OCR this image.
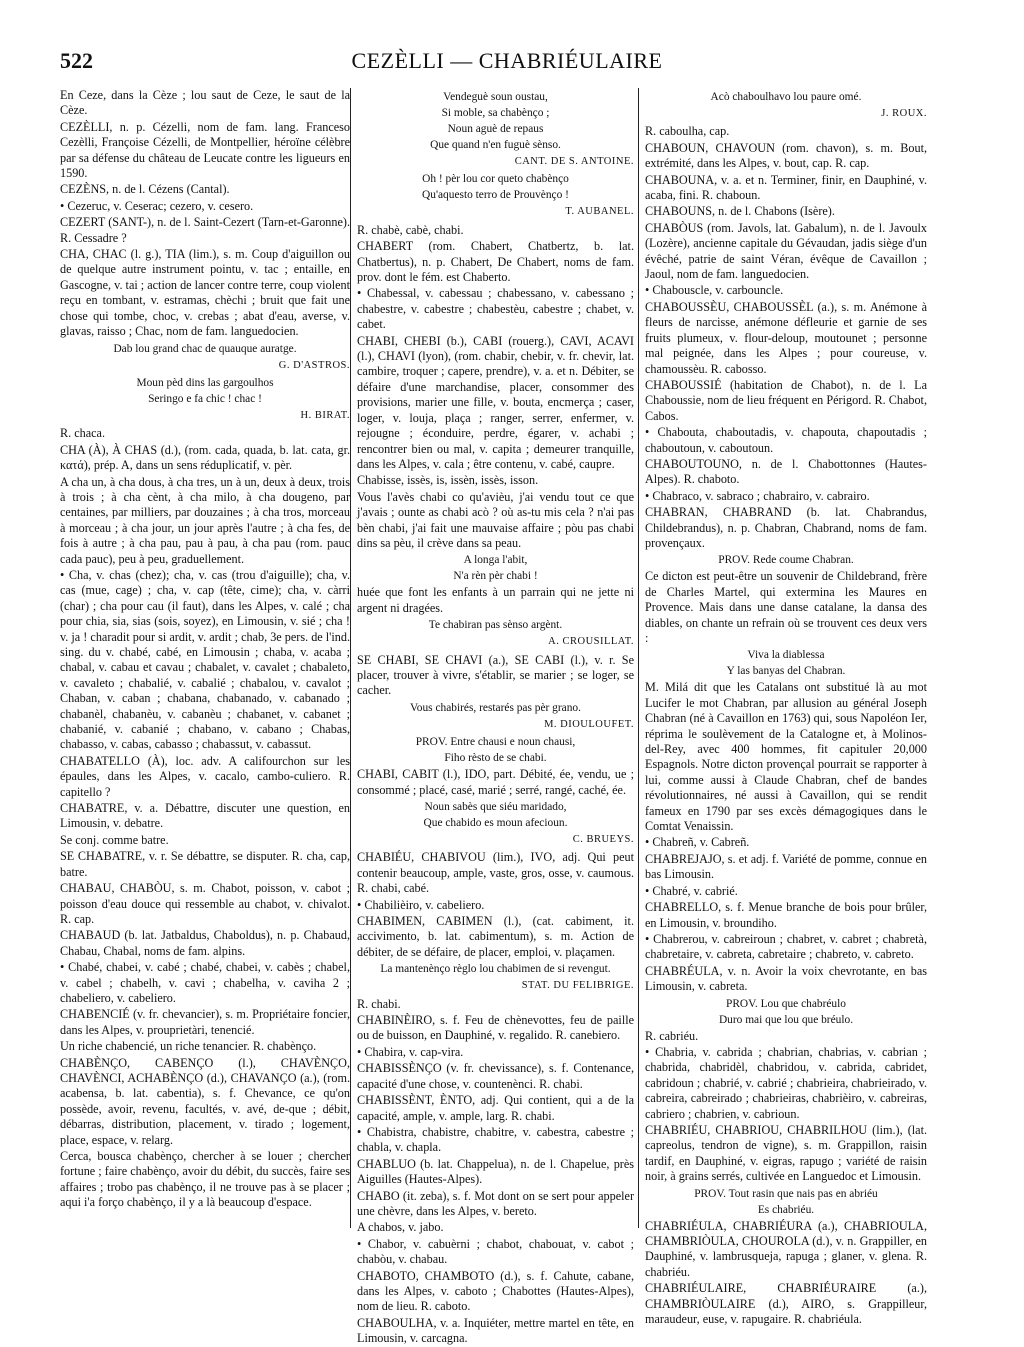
522	CEZÈLLI — CHABRIÉULAIRE

En Ceze, dans la Cèze ; lou saut de Ceze, le saut de la Cèze.

CEZÈLLI, n. p. Cézelli, nom de fam. lang. Franceso Cezèlli, Françoise Cézelli, de Montpellier, héroïne célèbre par sa défense du château de Leucate contre les ligueurs en 1590.

CEZÈNS, n. de l. Cézens (Cantal).

• Cezeruc, v. Ceserac; cezero, v. cesero.

CEZERT (SANT-), n. de l. Saint-Cezert (Tarn-et-Garonne). R. Cessadre ?

CHA, CHAC (l. g.), TIA (lim.), s. m. Coup d'aiguillon ou de quelque autre instrument pointu, v. tac ; entaille, en Gascogne, v. tai ; action de lancer contre terre, coup violent reçu en tombant, v. estramas, chèchi ; bruit que fait une chose qui tombe, choc, v. crebas ; abat d'eau, averse, v. glavas, raisso ; Chac, nom de fam. languedocien.

Dab lou grand chac de quauque auratge.

G. D'ASTROS.

Moun pèd dins las gargoulhos

Seringo e fa chic ! chac !

H. BIRAT.

R. chaca.

CHA (À), À CHAS (d.), (rom. cada, quada, b. lat. cata, gr. κατά), prép. A, dans un sens réduplicatif, v. pèr.

A cha un, à cha dous, à cha tres, un à un, deux à deux, trois à trois ; à cha cènt, à cha milo, à cha dougeno, par centaines, par milliers, par douzaines ; à cha tros, morceau à morceau ; à cha jour, un jour après l'autre ; à cha fes, de fois à autre ; à cha pau, pau à pau, à cha pau (rom. pauc cada pauc), peu à peu, graduellement.

• Cha, v. chas (chez); cha, v. cas (trou d'aiguille); cha, v. cas (mue, cage) ; cha, v. cap (tête, cime); cha, v. càrri (char) ; cha pour cau (il faut), dans les Alpes, v. calé ; cha pour chia, sia, sias (sois, soyez), en Limousin, v. sié ; cha ! v. ja ! charadit pour si ardit, v. ardit ; chab, 3e pers. de l'ind. sing. du v. chabé, cabé, en Limousin ; chaba, v. acaba ; chabal, v. cabau et cavau ; chabalet, v. cavalet ; chabaleto, v. cavaleto ; chabalié, v. cabalié ; chabalou, v. cavalot ; Chaban, v. caban ; chabana, chabanado, v. cabanado ; chabanèl, chabanèu, v. cabanèu ; chabanet, v. cabanet ; chabanié, v. cabanié ; chabano, v. cabano ; Chabas, chabasso, v. cabas, cabasso ; chabassut, v. cabassut.

CHABATELLO (À), loc. adv. A califourchon sur les épaules, dans les Alpes, v. cacalo, cambo-culiero. R. capitello ?

CHABATRE, v. a. Débattre, discuter une question, en Limousin, v. debatre.

Se conj. comme batre.

SE CHABATRE, v. r. Se débattre, se disputer. R. cha, cap, batre.

CHABAU, CHABÒU, s. m. Chabot, poisson, v. cabot ; poisson d'eau douce qui ressemble au chabot, v. chivalot. R. cap.

CHABAUD (b. lat. Jatbaldus, Chaboldus), n. p. Chabaud, Chabau, Chabal, noms de fam. alpins.

• Chabé, chabei, v. cabé ; chabé, chabei, v. cabès ; chabel, v. cabel ; chabelh, v. cavi ; chabelha, v. caviha 2 ; chabeliero, v. cabeliero.

CHABENCIÉ (v. fr. chevancier), s. m. Propriétaire foncier, dans les Alpes, v. prouprietàri, tenencié.

Un riche chabencié, un riche tenancier. R. chabènço.

CHABÈNÇO, CABENÇO (l.), CHAVÈNÇO, CHAVÈNCI, ACHABÈNÇO (d.), CHAVANÇO (a.), (rom. acabensa, b. lat. cabentia), s. f. Chevance, ce qu'on possède, avoir, revenu, facultés, v. avé, de-que ; débit, débarras, distribution, placement, v. tirado ; logement, place, espace, v. relarg.

Cerca, bousca chabènço, chercher à se louer ; chercher fortune ; faire chabènço, avoir du débit, du succès, faire ses affaires ; trobo pas chabènço, il ne trouve pas à se placer ; aqui i'a forço chabènço, il y a là beaucoup d'espace.

Vendeguè soun oustau,

Si moble, sa chabènço ;

Noun aguè de repaus

Que quand n'en fuguè sènso.

CANT. DE S. ANTOINE.

Oh ! pèr lou cor queto chabènço

Qu'aquesto terro de Prouvènço !

T. AUBANEL.

R. chabè, cabè, chabi.

CHABERT (rom. Chabert, Chatbertz, b. lat. Chatbertus), n. p. Chabert, De Chabert, noms de fam. prov. dont le fém. est Chaberto.

• Chabessal, v. cabessau ; chabessano, v. cabessano ; chabestre, v. cabestre ; chabestèu, cabestre ; chabet, v. cabet.

CHABI, CHEBI (b.), CABI (rouerg.), CAVI, ACAVI (l.), CHAVI (lyon), (rom. chabir, chebir, v. fr. chevir, lat. cambire, troquer ; capere, prendre), v. a. et n. Débiter, se défaire d'une marchandise, placer, consommer des provisions, marier une fille, v. bouta, encmerça ; caser, loger, v. louja, plaça ; ranger, serrer, enfermer, v. rejougne ; éconduire, perdre, égarer, v. achabi ; rencontrer bien ou mal, v. capita ; demeurer tranquille, dans les Alpes, v. cala ; être contenu, v. cabé, caupre.

Chabisse, issès, is, issèn, issès, isson.

Vous l'avès chabi co qu'avièu, j'ai vendu tout ce que j'avais ; ounte as chabi acò ? où as-tu mis cela ? n'ai pas bèn chabi, j'ai fait une mauvaise affaire ; pòu pas chabi dins sa pèu, il crève dans sa peau.

A longa l'abit,

N'a rèn pèr chabi !

huée que font les enfants à un parrain qui ne jette ni argent ni dragées.

Te chabiran pas sènso argènt.

A. CROUSILLAT.

SE CHABI, SE CHAVI (a.), SE CABI (l.), v. r. Se placer, trouver à vivre, s'établir, se marier ; se loger, se cacher.

Vous chabirés, restarés pas pèr grano.

M. DIOULOUFET.

PROV. Entre chausi e noun chausi,

Fiho rèsto de se chabi.

CHABI, CABIT (l.), IDO, part. Débité, ée, vendu, ue ; consommé ; placé, casé, marié ; serré, rangé, caché, ée.

Noun sabès que siéu maridado,

Que chabido es moun afecioun.

C. BRUEYS.

CHABIÉU, CHABIVOU (lim.), IVO, adj. Qui peut contenir beaucoup, ample, vaste, gros, osse, v. caumous. R. chabi, cabé.

• Chabilièiro, v. cabeliero.

CHABIMEN, CABIMEN (l.), (cat. cabiment, it. accivimento, b. lat. cabimentum), s. m. Action de débiter, de se défaire, de placer, emploi, v. plaçamen.

La mantenènço règlo lou chabimen de si revengut.

STAT. DU FELIBRIGE.

R. chabi.

CHABINÈIRO, s. f. Feu de chènevottes, feu de paille ou de buisson, en Dauphiné, v. regalido. R. canebiero.

• Chabira, v. cap-vira.

CHABISSÈNÇO (v. fr. chevissance), s. f. Contenance, capacité d'une chose, v. countenènci. R. chabi.

CHABISSÈNT, ÈNTO, adj. Qui contient, qui a de la capacité, ample, v. ample, larg. R. chabi.

• Chabistra, chabistre, chabitre, v. cabestra, cabestre ; chabla, v. chapla.

CHABLUO (b. lat. Chappelua), n. de l. Chapelue, près Aiguilles (Hautes-Alpes).

CHABO (it. zeba), s. f. Mot dont on se sert pour appeler une chèvre, dans les Alpes, v. bereto.

A chabos, v. jabo.

• Chabor, v. cabuèrni ; chabot, chabouat, v. cabot ; chabòu, v. chabau.

CHABOTO, CHAMBOTO (d.), s. f. Cahute, cabane, dans les Alpes, v. caboto ; Chabottes (Hautes-Alpes), nom de lieu. R. caboto.

CHABOULHA, v. a. Inquiéter, mettre martel en tête, en Limousin, v. carcagna.

Acò chaboulhavo lou paure omé.

J. ROUX.

R. caboulha, cap.

CHABOUN, CHAVOUN (rom. chavon), s. m. Bout, extrémité, dans les Alpes, v. bout, cap. R. cap.

CHABOUNA, v. a. et n. Terminer, finir, en Dauphiné, v. acaba, fini. R. chaboun.

CHABOUNS, n. de l. Chabons (Isère).

CHABÒUS (rom. Javols, lat. Gabalum), n. de l. Javoulx (Lozère), ancienne capitale du Gévaudan, jadis siège d'un évêché, patrie de saint Véran, évêque de Cavaillon ; Jaoul, nom de fam. languedocien.

• Chabouscle, v. carbouncle.

CHABOUSSÈU, CHABOUSSÈL (a.), s. m. Anémone à fleurs de narcisse, anémone défleurie et garnie de ses fruits plumeux, v. flour-deloup, moutounet ; personne mal peignée, dans les Alpes ; pour coureuse, v. chamoussèu. R. cabosso.

CHABOUSSIÉ (habitation de Chabot), n. de l. La Chaboussie, nom de lieu fréquent en Périgord. R. Chabot, Cabos.

• Chabouta, chaboutadis, v. chapouta, chapoutadis ; chaboutoun, v. caboutoun.

CHABOUTOUNO, n. de l. Chabottonnes (Hautes-Alpes). R. chaboto.

• Chabraco, v. sabraco ; chabrairo, v. cabrairo.

CHABRAN, CHABRAND (b. lat. Chabrandus, Childebrandus), n. p. Chabran, Chabrand, noms de fam. provençaux.

PROV. Rede coume Chabran.

Ce dicton est peut-être un souvenir de Childebrand, frère de Charles Martel, qui extermina les Maures en Provence. Mais dans une danse catalane, la dansa des diables, on chante un refrain où se trouvent ces deux vers :

Viva la diablessa

Y las banyas del Chabran.

M. Milá dit que les Catalans ont substitué là au mot Lucifer le mot Chabran, par allusion au général Joseph Chabran (né à Cavaillon en 1763) qui, sous Napoléon Ier, réprima le soulèvement de la Catalogne et, à Molinos-del-Rey, avec 400 hommes, fit capituler 20,000 Espagnols. Notre dicton provençal pourrait se rapporter à lui, comme aussi à Claude Chabran, chef de bandes révolutionnaires, né aussi à Cavaillon, qui se rendit fameux en 1790 par ses excès démagogiques dans le Comtat Venaissin.

• Chabreñ, v. Cabreñ.

CHABREJAJO, s. et adj. f. Variété de pomme, connue en bas Limousin.

• Chabré, v. cabrié.

CHABRELLO, s. f. Menue branche de bois pour brûler, en Limousin, v. broundiho.

• Chabrerou, v. cabreiroun ; chabret, v. cabret ; chabretà, chabretaire, v. cabreta, cabretaire ; chabreto, v. cabreto.

CHABRÉULA, v. n. Avoir la voix chevrotante, en bas Limousin, v. cabreta.

PROV. Lou que chabréulo

Duro mai que lou que bréulo.

R. cabriéu.

• Chabria, v. cabrida ; chabrian, chabrias, v. cabrian ; chabrida, chabridèl, chabridou, v. cabrida, cabridet, cabridoun ; chabrié, v. cabrié ; chabrieira, chabrieirado, v. cabreira, cabreirado ; chabrieiras, chabrièiro, v. cabreiras, cabriero ; chabrien, v. cabrioun.

CHABRIÉU, CHABRIOU, CHABRILHOU (lim.), (lat. capreolus, tendron de vigne), s. m. Grappillon, raisin tardif, en Dauphiné, v. eigras, rapugo ; variété de raisin noir, à grains serrés, cultivée en Languedoc et Limousin.

PROV. Tout rasin que nais pas en abriéu

Es chabriéu.

CHABRIÉULA, CHABRIÉURA (a.), CHABRIOULA, CHAMBRIÒULA, CHOUROLA (d.), v. n. Grappiller, en Dauphiné, v. lambrusqueja, rapuga ; glaner, v. glena. R. chabriéu.

CHABRIÉULAIRE, CHABRIÉURAIRE (a.), CHAMBRIÒULAIRE (d.), AIRO, s. Grappilleur, maraudeur, euse, v. rapugaire. R. chabriéula.
